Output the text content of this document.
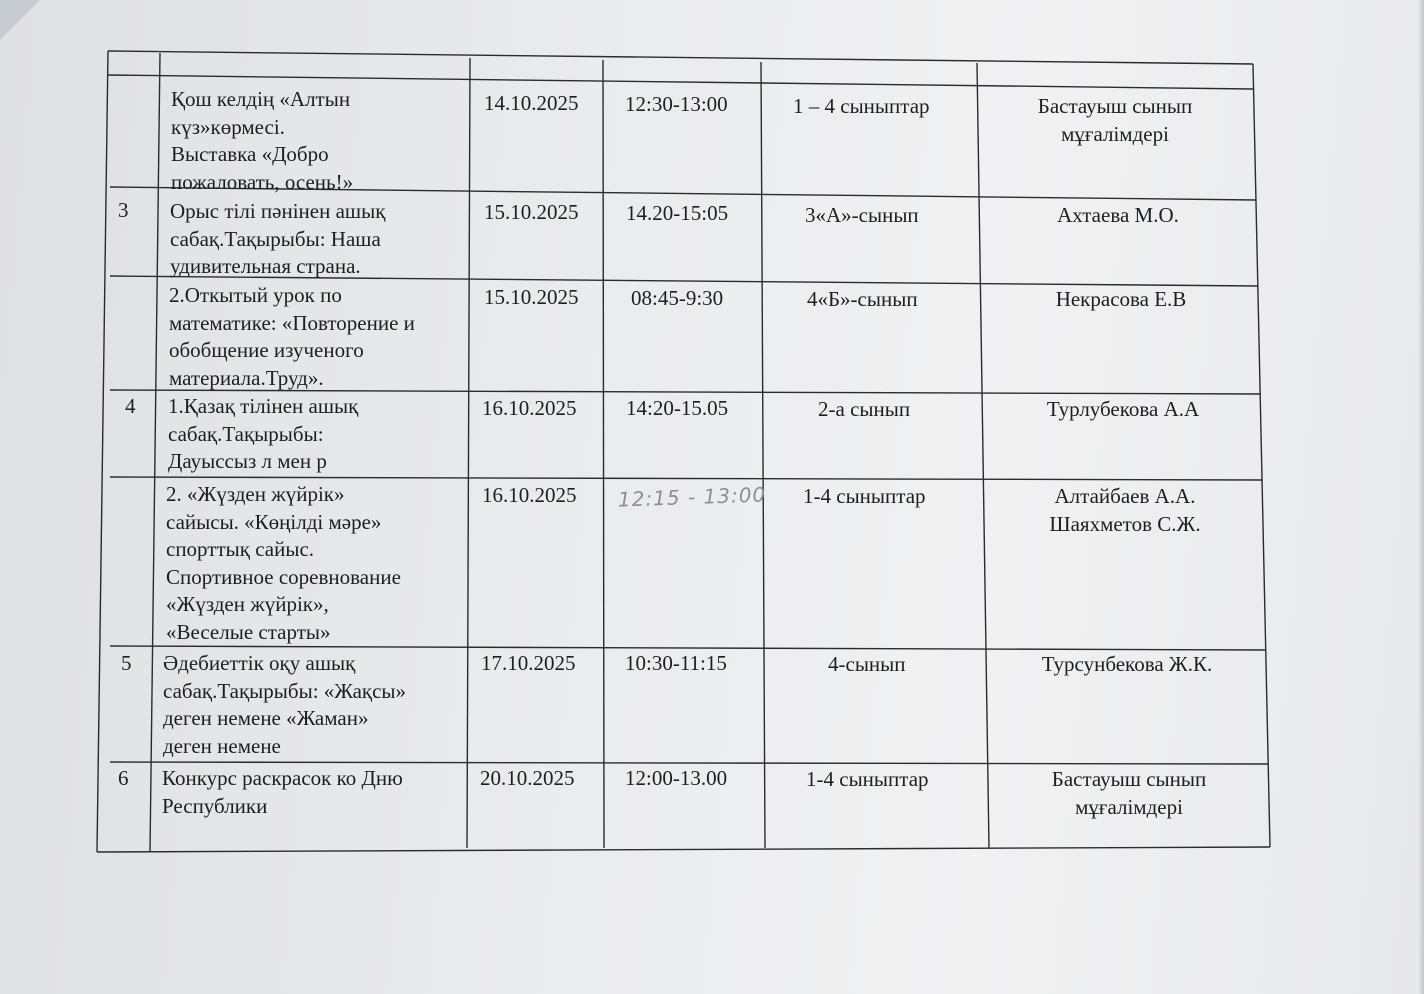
Қош келдің «Алтын
күз»көрмесі.
Выставка «Добро
пожаловать, осень!»
14.10.2025 12:30-13:00	1 – 4 сыныптар	Бастауыш сынып
мұғалімдері
3 Орыс тілі пәнінен ашық
сабақ.Тақырыбы: Наша
удивительная страна.
15.10.2025 14.20-15:05	3«А»-сынып	Ахтаева М.О.
2.Откытый урок по
математике: «Повторение и
обобщение изученого
материала.Труд».
15.10.2025	08:45-9:30	4«Б»-сынып	Некрасова Е.В
4 1.Қазақ тілінен ашық
сабақ.Тақырыбы:
Дауыссыз л мен р
16.10.2025 14:20-15.05	2-а сынып	Турлубекова А.А
2. «Жүзден жүйрік»
сайысы. «Көңілді мәре»
спорттық сайыс.
Спортивное соревнование
«Жүзден жүйрік»,
«Веселые старты»
16.10.2025 12:15 - 13:00 1-4 сыныптар	Алтайбаев А.А.
Шаяхметов С.Ж.
5 Әдебиеттік оқу ашық
сабақ.Тақырыбы: «Жақсы»
деген немене «Жаман»
деген немене
17.10.2025 10:30-11:15	4-сынып	Турсунбекова Ж.К.
6 Конкурс раскрасок ко Дню
Республики
20.10.2025 12:00-13.00	1-4 сыныптар	Бастауыш сынып
мұғалімдері
